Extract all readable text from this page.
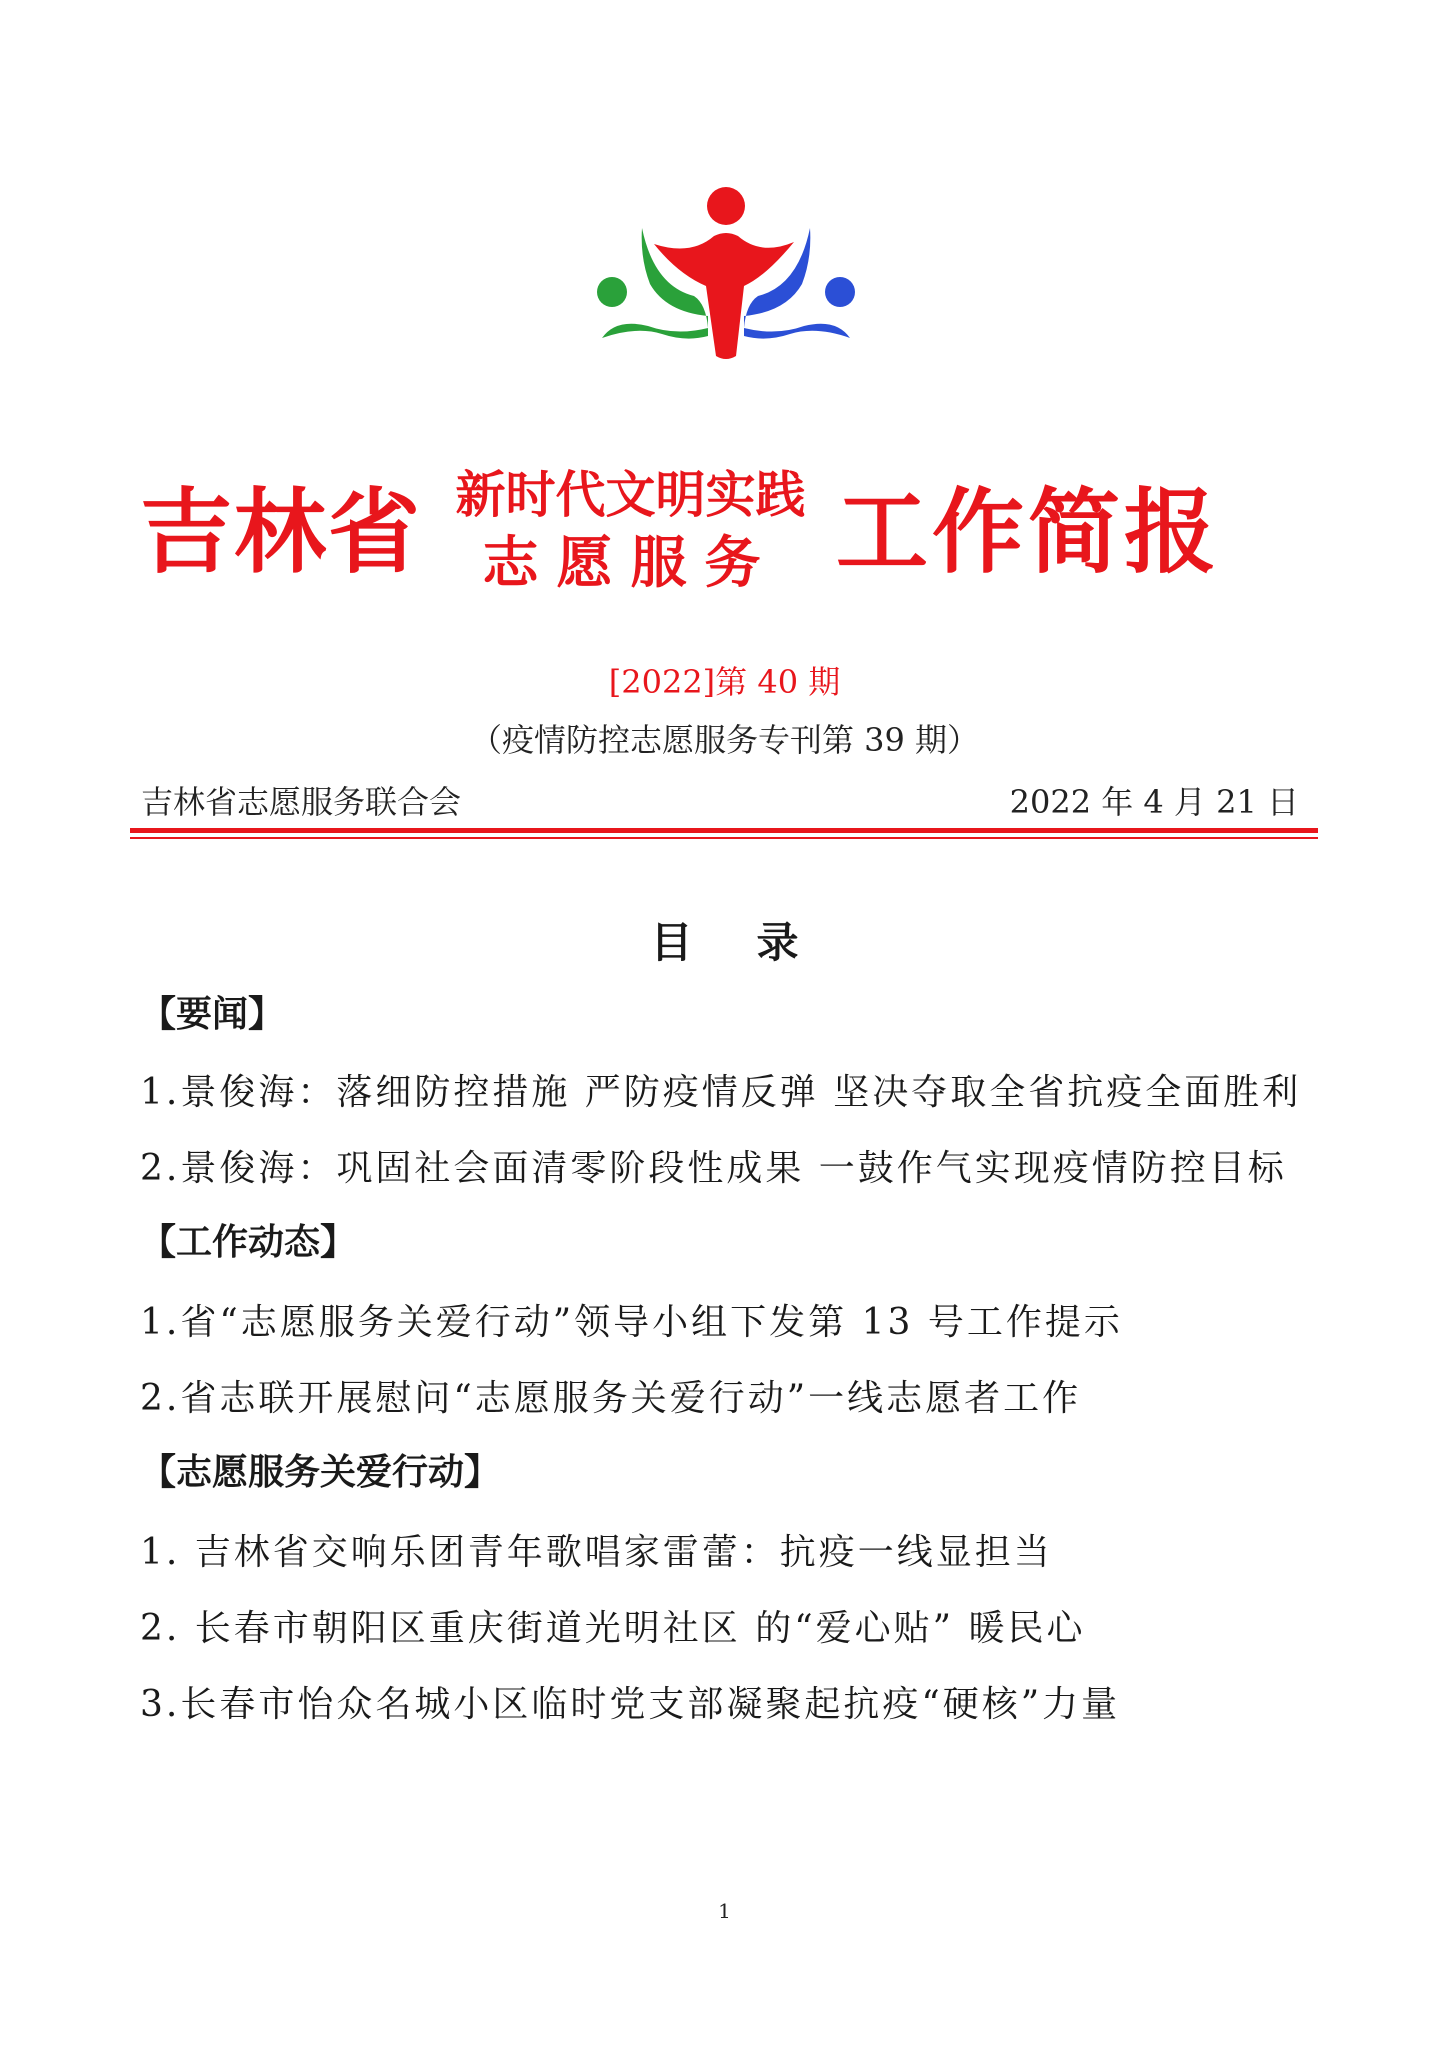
吉林省 新时代文明实践
志愿服务 工作简报
[2022]第 40 期
（疫情防控志愿服务专刊第 39 期）
吉林省志愿服务联合会	2022 年 4 月 21 日
目录
【要闻】
1.景俊海：落细防控措施 严防疫情反弹 坚决夺取全省抗疫全面胜利
2.景俊海：巩固社会面清零阶段性成果 一鼓作气实现疫情防控目标
【工作动态】
1.省“志愿服务关爱行动”领导小组下发第 13 号工作提示
2.省志联开展慰问“志愿服务关爱行动”一线志愿者工作
【志愿服务关爱行动】
1. 吉林省交响乐团青年歌唱家雷蕾：抗疫一线显担当
2. 长春市朝阳区重庆街道光明社区 的“爱心贴” 暖民心
3.长春市怡众名城小区临时党支部凝聚起抗疫“硬核”力量
1
